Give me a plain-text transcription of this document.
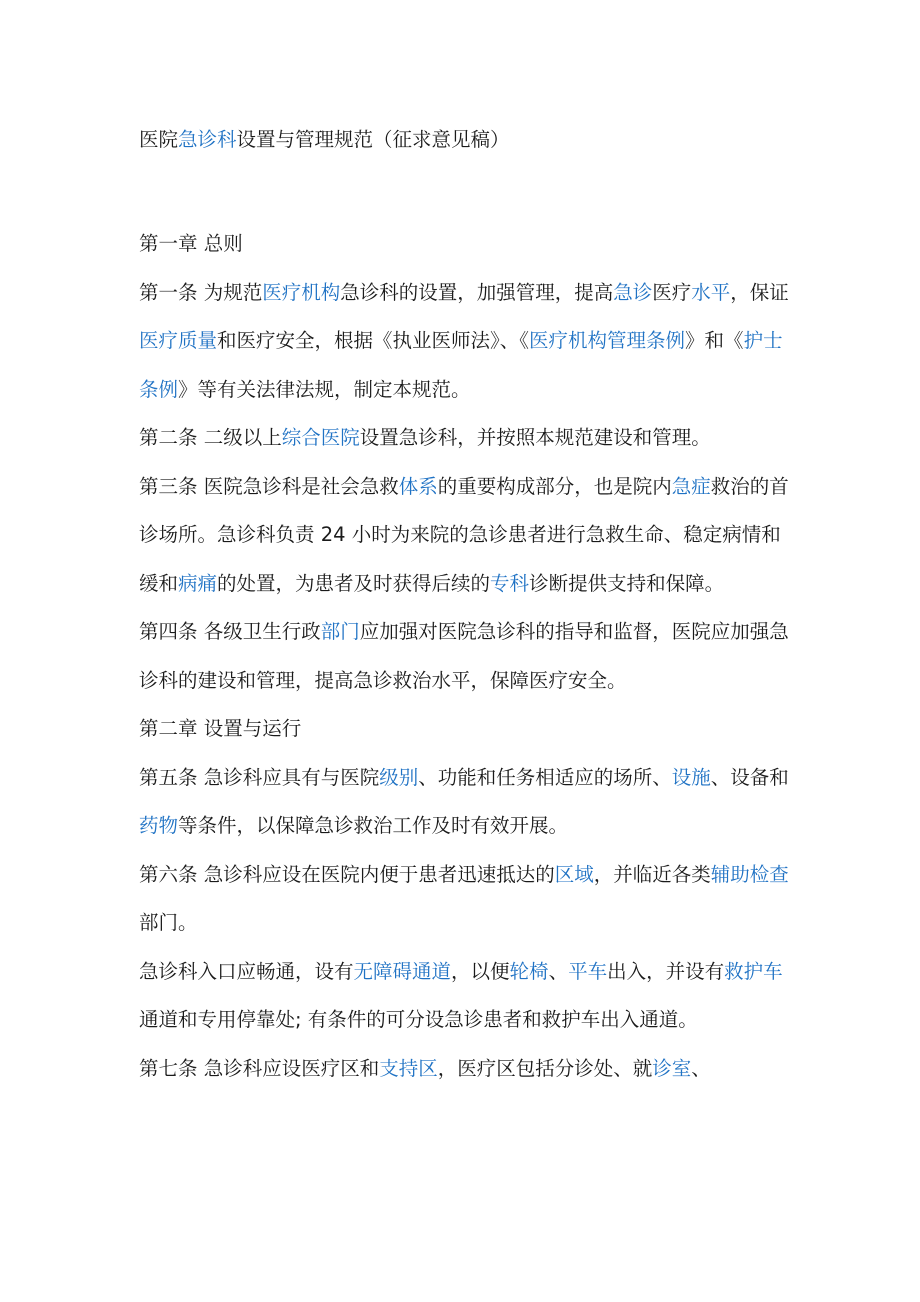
医院急诊科设置与管理规范（征求意见稿）

第一章 总则

第一条 为规范医疗机构急诊科的设置，加强管理，提高急诊医疗水平，保证医疗质量和医疗安全，根据《执业医师法》、《医疗机构管理条例》和《护士条例》等有关法律法规，制定本规范。

第二条 二级以上综合医院设置急诊科，并按照本规范建设和管理。

第三条 医院急诊科是社会急救体系的重要构成部分，也是院内急症救治的首诊场所。急诊科负责 24 小时为来院的急诊患者进行急救生命、稳定病情和缓和病痛的处置，为患者及时获得后续的专科诊断提供支持和保障。

第四条 各级卫生行政部门应加强对医院急诊科的指导和监督，医院应加强急诊科的建设和管理，提高急诊救治水平，保障医疗安全。

第二章 设置与运行

第五条 急诊科应具有与医院级别、功能和任务相适应的场所、设施、设备和药物等条件，以保障急诊救治工作及时有效开展。

第六条 急诊科应设在医院内便于患者迅速抵达的区域，并临近各类辅助检查部门。

急诊科入口应畅通，设有无障碍通道，以便轮椅、平车出入，并设有救护车通道和专用停靠处; 有条件的可分设急诊患者和救护车出入通道。

第七条 急诊科应设医疗区和支持区，医疗区包括分诊处、就诊室、
